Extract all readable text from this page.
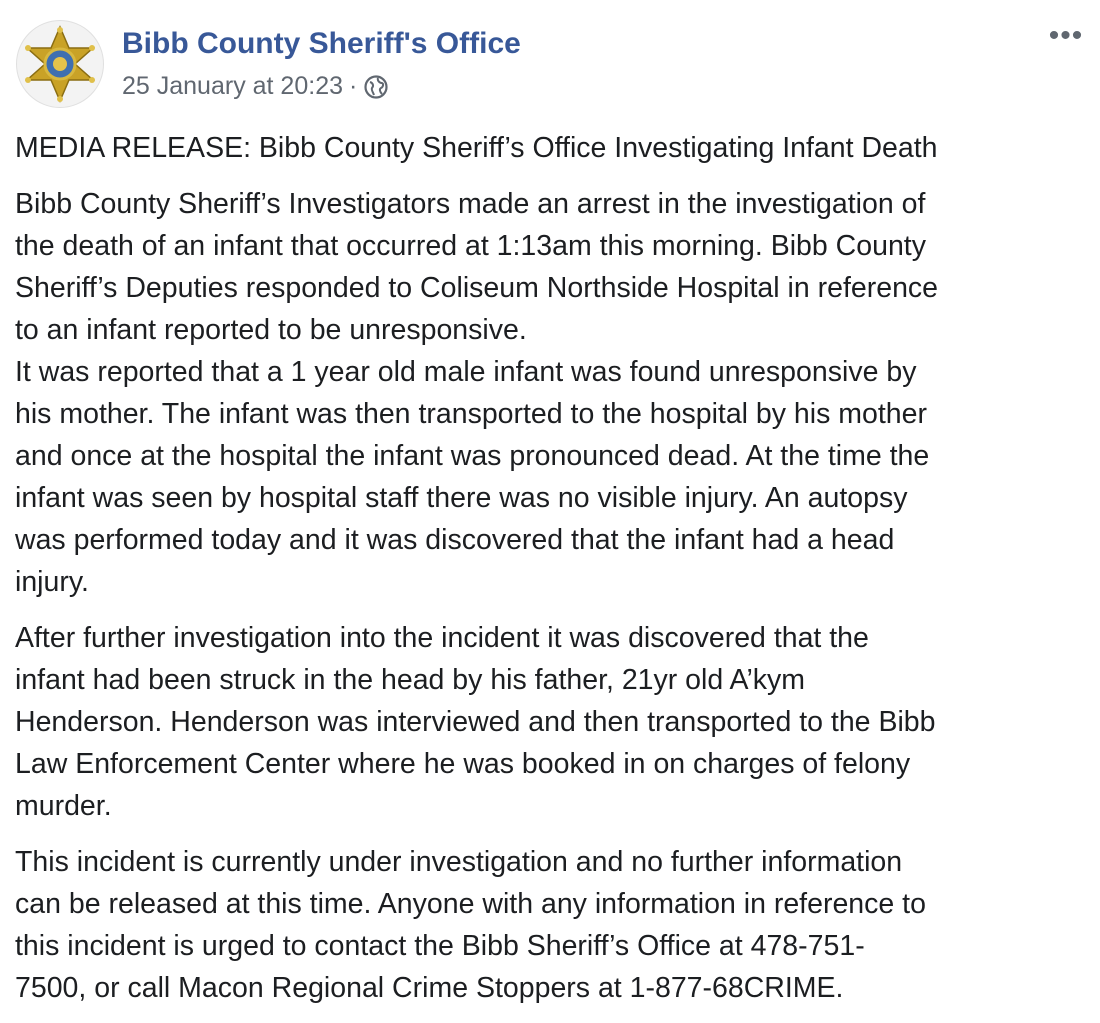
Bibb County Sheriff's Office
25 January at 20:23 ·
•••

MEDIA RELEASE: Bibb County Sheriff’s Office Investigating Infant Death

Bibb County Sheriff’s Investigators made an arrest in the investigation of
the death of an infant that occurred at 1:13am this morning. Bibb County
Sheriff’s Deputies responded to Coliseum Northside Hospital in reference
to an infant reported to be unresponsive.
It was reported that a 1 year old male infant was found unresponsive by
his mother. The infant was then transported to the hospital by his mother
and once at the hospital the infant was pronounced dead. At the time the
infant was seen by hospital staff there was no visible injury. An autopsy
was performed today and it was discovered that the infant had a head
injury.

After further investigation into the incident it was discovered that the
infant had been struck in the head by his father, 21yr old A’kym
Henderson. Henderson was interviewed and then transported to the Bibb
Law Enforcement Center where he was booked in on charges of felony
murder.

This incident is currently under investigation and no further information
can be released at this time. Anyone with any information in reference to
this incident is urged to contact the Bibb Sheriff’s Office at 478-751-
7500, or call Macon Regional Crime Stoppers at 1-877-68CRIME.
